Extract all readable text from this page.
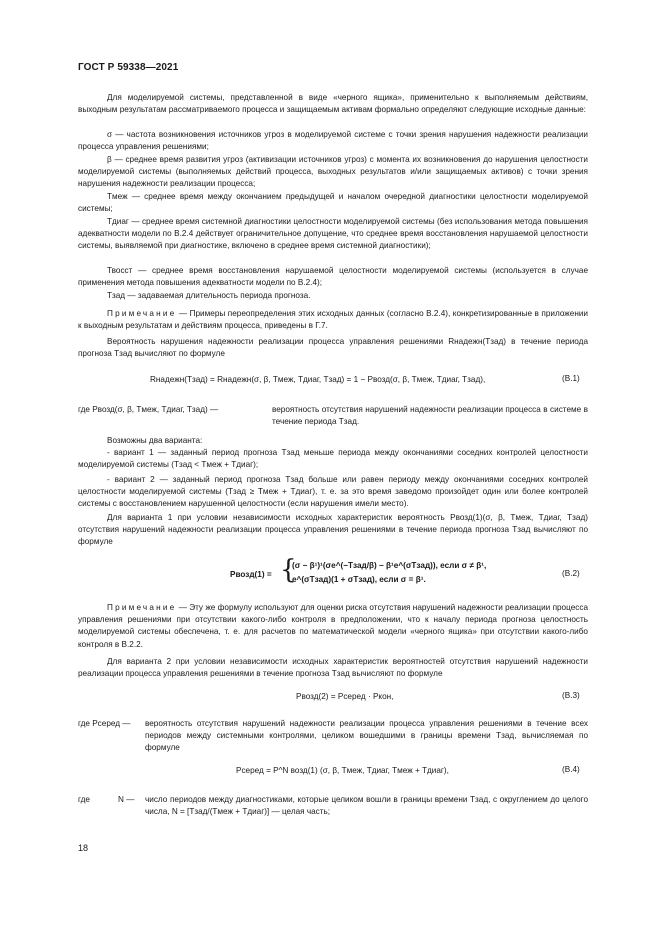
ГОСТ Р 59338—2021
Для моделируемой системы, представленной в виде «черного ящика», применительно к выполняемым действиям, выходным результатам рассматриваемого процесса и защищаемым активам формально определяют следующие исходные данные:
σ — частота возникновения источников угроз в моделируемой системе с точки зрения нарушения надежности реализации процесса управления решениями;
β — среднее время развития угроз (активизации источников угроз) с момента их возникновения до нарушения целостности моделируемой системы (выполняемых действий процесса, выходных результатов и/или защищаемых активов) с точки зрения нарушения надежности реализации процесса;
Tмеж — среднее время между окончанием предыдущей и началом очередной диагностики целостности моделируемой системы;
Tдиаг — среднее время системной диагностики целостности моделируемой системы (без использования метода повышения адекватности модели по В.2.4 действует ограничительное допущение, что среднее время восстановления нарушаемой целостности системы, выявляемой при диагностике, включено в среднее время системной диагностики);
Твосст — среднее время восстановления нарушаемой целостности моделируемой системы (используется в случае применения метода повышения адекватности модели по В.2.4);
Tзад — задаваемая длительность периода прогноза.
Примечание — Примеры переопределения этих исходных данных (согласно В.2.4), конкретизированные в приложении к выходным результатам и действиям процесса, приведены в Г.7.
Вероятность нарушения надежности реализации процесса управления решениями Rнадежн(Tзад) в течение периода прогноза Tзад вычисляют по формуле
Rнадежн(Tзад) = Rнадежн(σ, β, Tмеж, Tдиаг, Tзад) = 1 − Pвозд(σ, β, Tмеж, Tдиаг, Tзад),	(В.1)
где Pвозд(σ, β, Tмеж, Tдиаг, Tзад) —	вероятность отсутствия нарушений надежности реализации процесса в системе в течение периода Tзад.
Возможны два варианта:
- вариант 1 — заданный период прогноза Tзад меньше периода между окончаниями соседних контролей целостности моделируемой системы (Tзад < Tмеж + Tдиаг);
- вариант 2 — заданный период прогноза Tзад больше или равен периоду между окончаниями соседних контролей целостности моделируемой системы (Tзад ≥ Tмеж + Tдиаг), т. е. за это время заведомо произойдет один или более контролей системы с восстановлением нарушенной целостности (если нарушения имели место).
Для варианта 1 при условии независимости исходных характеристик вероятность Pвозд(1)(σ, β, Tмеж, Tдиаг, Tзад) отсутствия нарушений надежности реализации процесса управления решениями в течение периода прогноза Tзад вычисляют по формуле
Pвозд(1) = {
(σ − β¹)¹(σe^(−Tзад/β) − β¹e^(σTзад)), если σ ≠ β¹,
e^(σTзад)(1 + σTзад), если σ = β¹.
(В.2)
Примечание — Эту же формулу используют для оценки риска отсутствия нарушений надежности реализации процесса управления решениями при отсутствии какого-либо контроля в предположении, что к началу периода прогноза целостность моделируемой системы обеспечена, т. е. для расчетов по математической модели «черного ящика» при отсутствии какого-либо контроля в В.2.2.
Для варианта 2 при условии независимости исходных характеристик вероятностей отсутствия нарушений надежности реализации процесса управления решениями в течение прогноза Tзад вычисляют по формуле
Pвозд(2) = Pсеред · Pкон,	(В.3)
где Pсеред — вероятность отсутствия нарушений надежности реализации процесса управления решениями в течение всех периодов между системными контролями, целиком вошедшими в границы времени Tзад, вычисляемая по формуле
Pсеред = P^N возд(1) (σ, β, Tмеж, Tдиаг, Tмеж + Tдиаг),	(В.4)
где	N — число периодов между диагностиками, которые целиком вошли в границы времени Tзад, с округлением до целого числа, N = [Tзад/(Tмеж + Tдиаг)] — целая часть;
18
